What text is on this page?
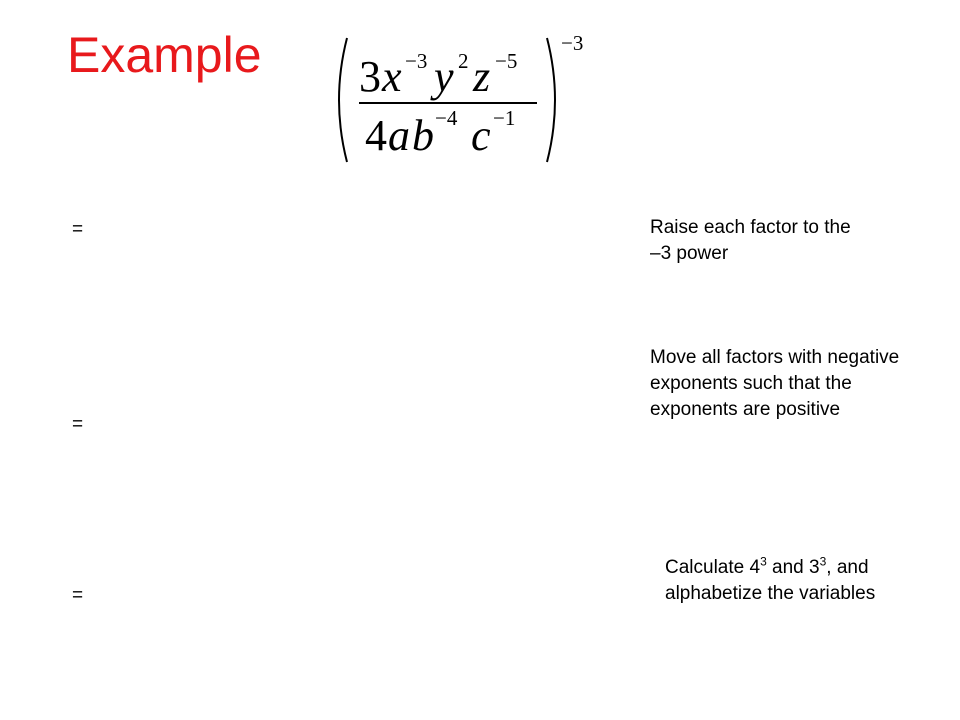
Example 3 x −3 y 2 z −5
4 a b −4 c −1
−3
=	Raise each factor to the –3 power
=
Move all factors with negative exponents such that the exponents are positive
=
Calculate $4^3$ and $3^3$, and alphabetize the variables
